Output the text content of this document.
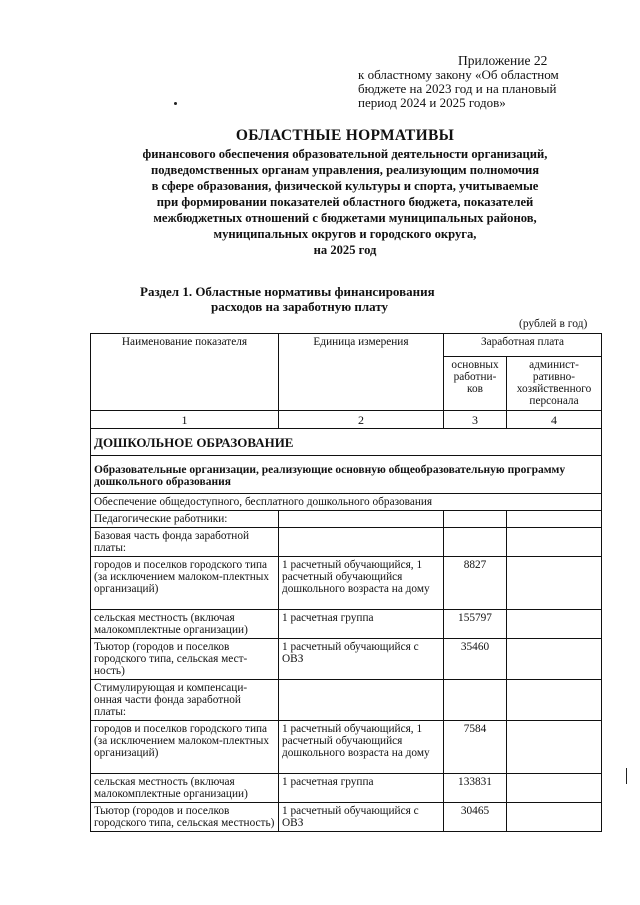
Приложение 22
к областному закону «Об областном
бюджете на 2023 год и на плановый
период 2024 и 2025 годов»
ОБЛАСТНЫЕ НОРМАТИВЫ
финансового обеспечения образовательной деятельности организаций,
подведомственных органам управления, реализующим полномочия
в сфере образования, физической культуры и спорта, учитываемые
при формировании показателей областного бюджета, показателей
межбюджетных отношений с бюджетами муниципальных районов,
муниципальных округов и городского округа,
на 2025 год
Раздел 1. Областные нормативы финансирования
расходов на заработную плату
(рублей в год)
Наименование показателя	Единица измерения	Заработная плата	
		основных работни-ков	админист-ративно-хозяйственного персонала
1	2	3	4
ДОШКОЛЬНОЕ ОБРАЗОВАНИЕ			
Образовательные организации, реализующие основную общеобразовательную программу дошкольного образования			
Обеспечение общедоступного, бесплатного дошкольного образования			
Педагогические работники:			
Базовая часть фонда заработной платы:			
городов и поселков городского типа (за исключением малоком-плектных организаций)	1 расчетный обучающийся, 1 расчетный обучающийся дошкольного возраста на дому	8827	
сельская местность (включая малокомплектные организации)	1 расчетная группа	155797	
Тьютор (городов и поселков городского типа, сельская мест-ность)	1 расчетный обучающийся с ОВЗ	35460	
Стимулирующая и компенсаци-онная части фонда заработной платы:			
городов и поселков городского типа (за исключением малоком-плектных организаций)	1 расчетный обучающийся, 1 расчетный обучающийся дошкольного возраста на дому	7584	
сельская местность (включая малокомплектные организации)	1 расчетная группа	133831	
Тьютор (городов и поселков городского типа, сельская местность)	1 расчетный обучающийся с ОВЗ	30465	
